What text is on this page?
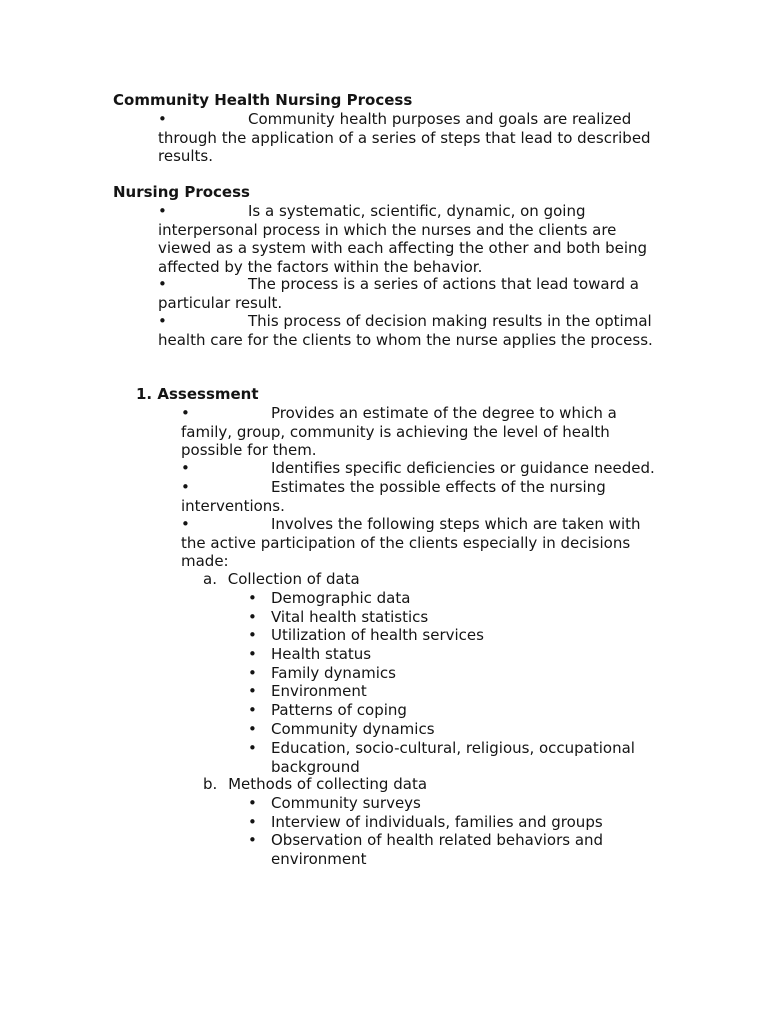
Community Health Nursing Process
•	Community health purposes and goals are realized through the application of a series of steps that lead to described results.
Nursing Process
•	Is a systematic, scientific, dynamic, on going interpersonal process in which the nurses and the clients are viewed as a system with each affecting the other and both being affected by the factors within the behavior.
•	The process is a series of actions that lead toward a particular result.
•	This process of decision making results in the optimal health care for the clients to whom the nurse applies the process.
1. Assessment
•	Provides an estimate of the degree to which a family, group, community is achieving the level of health possible for them.
•	Identifies specific deficiencies or guidance needed.
•	Estimates the possible effects of the nursing interventions.
•	Involves the following steps which are taken with the active participation of the clients especially in decisions made:
a. Collection of data
• Demographic data
• Vital health statistics
• Utilization of health services
• Health status
• Family dynamics
• Environment
• Patterns of coping
• Community dynamics
• Education, socio-cultural, religious, occupational background
b. Methods of collecting data
• Community surveys
• Interview of individuals, families and groups
• Observation of health related behaviors and environment
